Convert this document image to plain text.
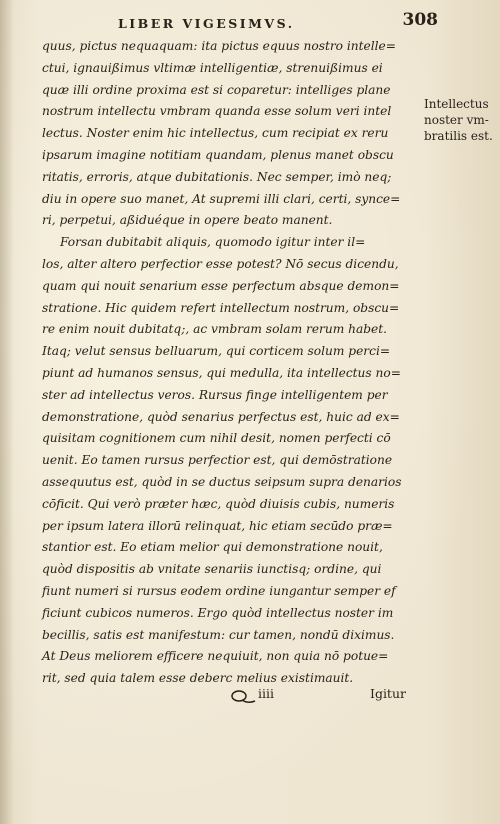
LIBER VIGESIMVS.	308
quus, pictus nequaquam: ita pictus equus nostro intelle=
ctui, ignauißimus vltimæ intelligentiæ, strenuißimus ei
quæ illi ordine proxima est si coparetur: intelliges plane
nostrum intellectu vmbram quanda esse solum veri intel
lectus. Noster enim hic intellectus, cum recipiat ex reru
ipsarum imagine notitiam quandam, plenus manet obscu
ritatis, erroris, atque dubitationis. Nec semper, imò neq;
diu in opere suo manet, At supremi illi clari, certi, synce=
ri, perpetui, aßiduéque in opere beato manent.
Forsan dubitabit aliquis, quomodo igitur inter il=
los, alter altero perfectior esse potest? Nō secus dicendu,
quam qui nouit senarium esse perfectum absque demon=
stratione. Hic quidem refert intellectum nostrum, obscu=
re enim nouit dubitatq;, ac vmbram solam rerum habet.
Itaq; velut sensus belluarum, qui corticem solum perci=
piunt ad humanos sensus, qui medulla, ita intellectus no=
ster ad intellectus veros. Rursus finge intelligentem per
demonstratione, quòd senarius perfectus est, huic ad ex=
quisitam cognitionem cum nihil desit, nomen perfecti cō
uenit. Eo tamen rursus perfectior est, qui demōstratione
assequutus est, quòd in se ductus seipsum supra denarios
cōficit. Qui verò præter hæc, quòd diuisis cubis, numeris
per ipsum latera illorū relinquat, hic etiam secūdo præ=
stantior est. Eo etiam melior qui demonstratione nouit,
quòd dispositis ab vnitate senariis iunctisq; ordine, qui
fiunt numeri si rursus eodem ordine iungantur semper ef
ficiunt cubicos numeros. Ergo quòd intellectus noster im
becillis, satis est manifestum: cur tamen, nondū diximus.
At Deus meliorem efficere nequiuit, non quia nō potue=
rit, sed quia talem esse deberc melius existimauit.
Intellectus
noster vm-
bratilis est.
iiii	Igitur
